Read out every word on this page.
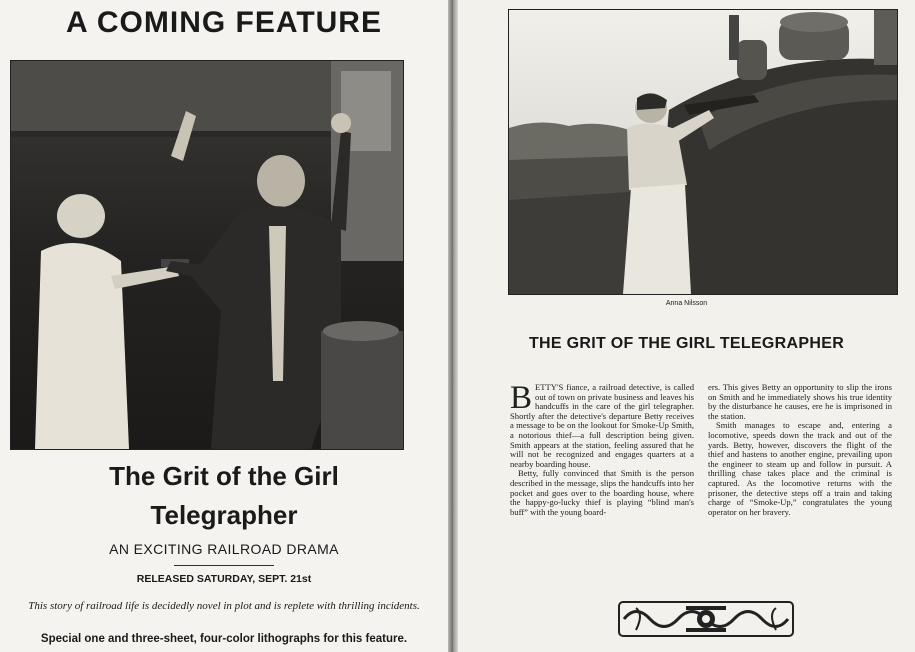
A COMING FEATURE
The Grit of the Girl
Telegrapher
AN EXCITING RAILROAD DRAMA
RELEASED SATURDAY, SEPT. 21st
This story of railroad life is decidedly novel in plot and is replete with thrilling incidents.
Special one and three-sheet, four-color lithographs for this feature.
Anna Nilsson
THE GRIT OF THE GIRL TELEGRAPHER

BETTY'S fiance, a railroad detective, is called out of town on private business and leaves his handcuffs in the care of the girl telegrapher. Shortly after the detective's departure Betty receives a message to be on the lookout for Smoke-Up Smith, a notorious thief—a full description being given. Smith appears at the station, feeling assured that he will not be recognized and engages quarters at a nearby boarding house.

Betty, fully convinced that Smith is the person described in the message, slips the handcuffs into her pocket and goes over to the boarding house, where the happy-go-lucky thief is playing “blind man's buff” with the young board-

ers. This gives Betty an opportunity to slip the irons on Smith and he immediately shows his true identity by the disturbance he causes, ere he is imprisoned in the station.

Smith manages to escape and, entering a locomotive, speeds down the track and out of the yards. Betty, however, discovers the flight of the thief and hastens to another engine, prevailing upon the engineer to steam up and follow in pursuit. A thrilling chase takes place and the criminal is captured. As the locomotive returns with the prisoner, the detective steps off a train and taking charge of “Smoke-Up,” congratulates the young operator on her bravery.
